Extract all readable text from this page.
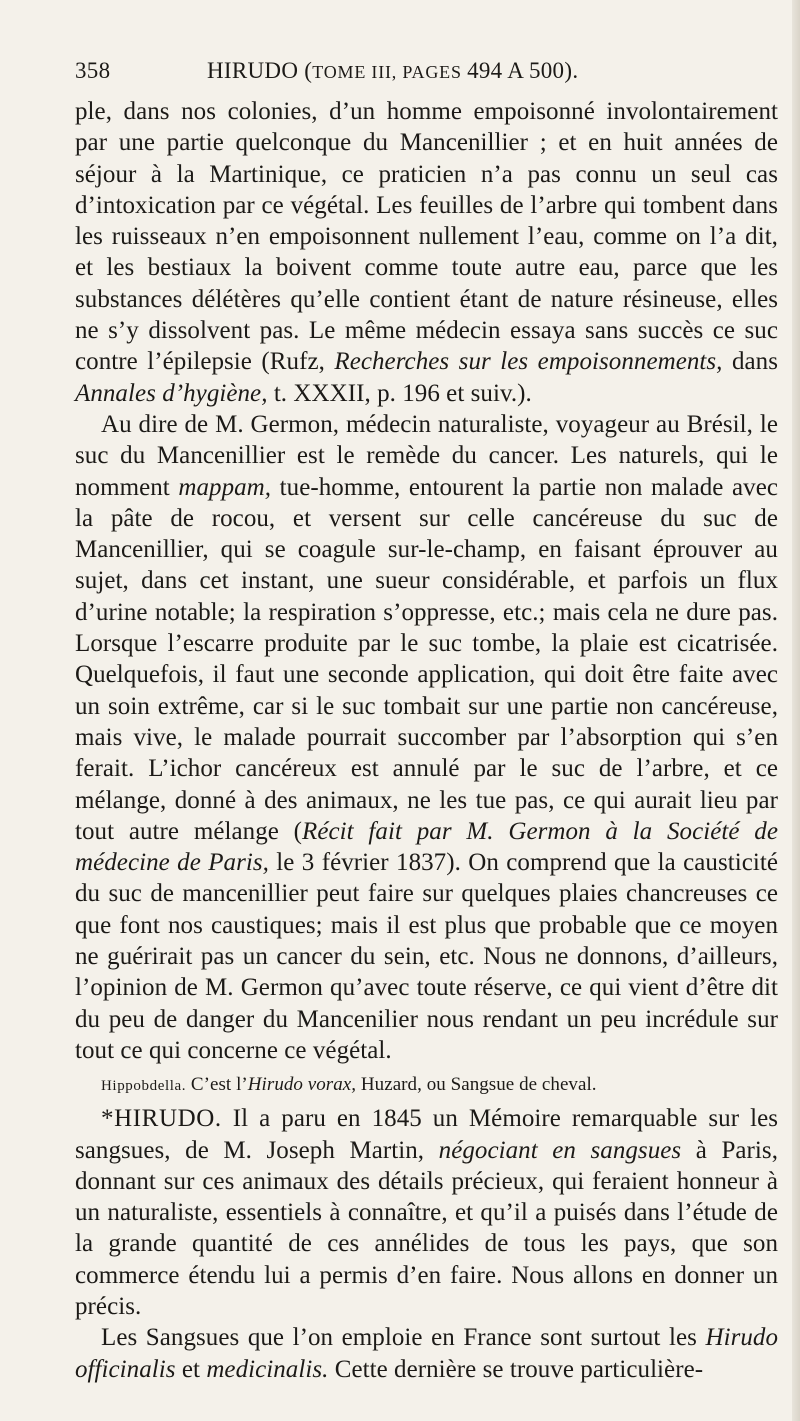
358	HIRUDO (TOME III, PAGES 494 A 500).

ple, dans nos colonies, d’un homme empoisonné involontairement par une partie quelconque du Mancenillier ; et en huit années de séjour à la Martinique, ce praticien n’a pas connu un seul cas d’intoxication par ce végétal. Les feuilles de l’arbre qui tombent dans les ruisseaux n’en empoisonnent nullement l’eau, comme on l’a dit, et les bestiaux la boivent comme toute autre eau, parce que les substances délétères qu’elle contient étant de nature résineuse, elles ne s’y dissolvent pas. Le même médecin essaya sans succès ce suc contre l’épilepsie (Rufz, Recherches sur les empoisonnements, dans Annales d’hygiène, t. XXXII, p. 196 et suiv.).

Au dire de M. Germon, médecin naturaliste, voyageur au Brésil, le suc du Mancenillier est le remède du cancer. Les naturels, qui le nomment mappam, tue-homme, entourent la partie non malade avec la pâte de rocou, et versent sur celle cancéreuse du suc de Mancenillier, qui se coagule sur-le-champ, en faisant éprouver au sujet, dans cet instant, une sueur considérable, et parfois un flux d’urine notable; la respiration s’oppresse, etc.; mais cela ne dure pas. Lorsque l’escarre produite par le suc tombe, la plaie est cicatrisée. Quelquefois, il faut une seconde application, qui doit être faite avec un soin extrême, car si le suc tombait sur une partie non cancéreuse, mais vive, le malade pourrait succomber par l’absorption qui s’en ferait. L’ichor cancéreux est annulé par le suc de l’arbre, et ce mélange, donné à des animaux, ne les tue pas, ce qui aurait lieu par tout autre mélange (Récit fait par M. Germon à la Société de médecine de Paris, le 3 février 1837). On comprend que la causticité du suc de mancenillier peut faire sur quelques plaies chancreuses ce que font nos caustiques; mais il est plus que probable que ce moyen ne guérirait pas un cancer du sein, etc. Nous ne donnons, d’ailleurs, l’opinion de M. Germon qu’avec toute réserve, ce qui vient d’être dit du peu de danger du Mancenilier nous rendant un peu incrédule sur tout ce qui concerne ce végétal.

Hippobdella. C’est l’Hirudo vorax, Huzard, ou Sangsue de cheval.

*HIRUDO. Il a paru en 1845 un Mémoire remarquable sur les sangsues, de M. Joseph Martin, négociant en sangsues à Paris, donnant sur ces animaux des détails précieux, qui feraient honneur à un naturaliste, essentiels à connaître, et qu’il a puisés dans l’étude de la grande quantité de ces annélides de tous les pays, que son commerce étendu lui a permis d’en faire. Nous allons en donner un précis.

Les Sangsues que l’on emploie en France sont surtout les Hirudo officinalis et medicinalis. Cette dernière se trouve particulière-
